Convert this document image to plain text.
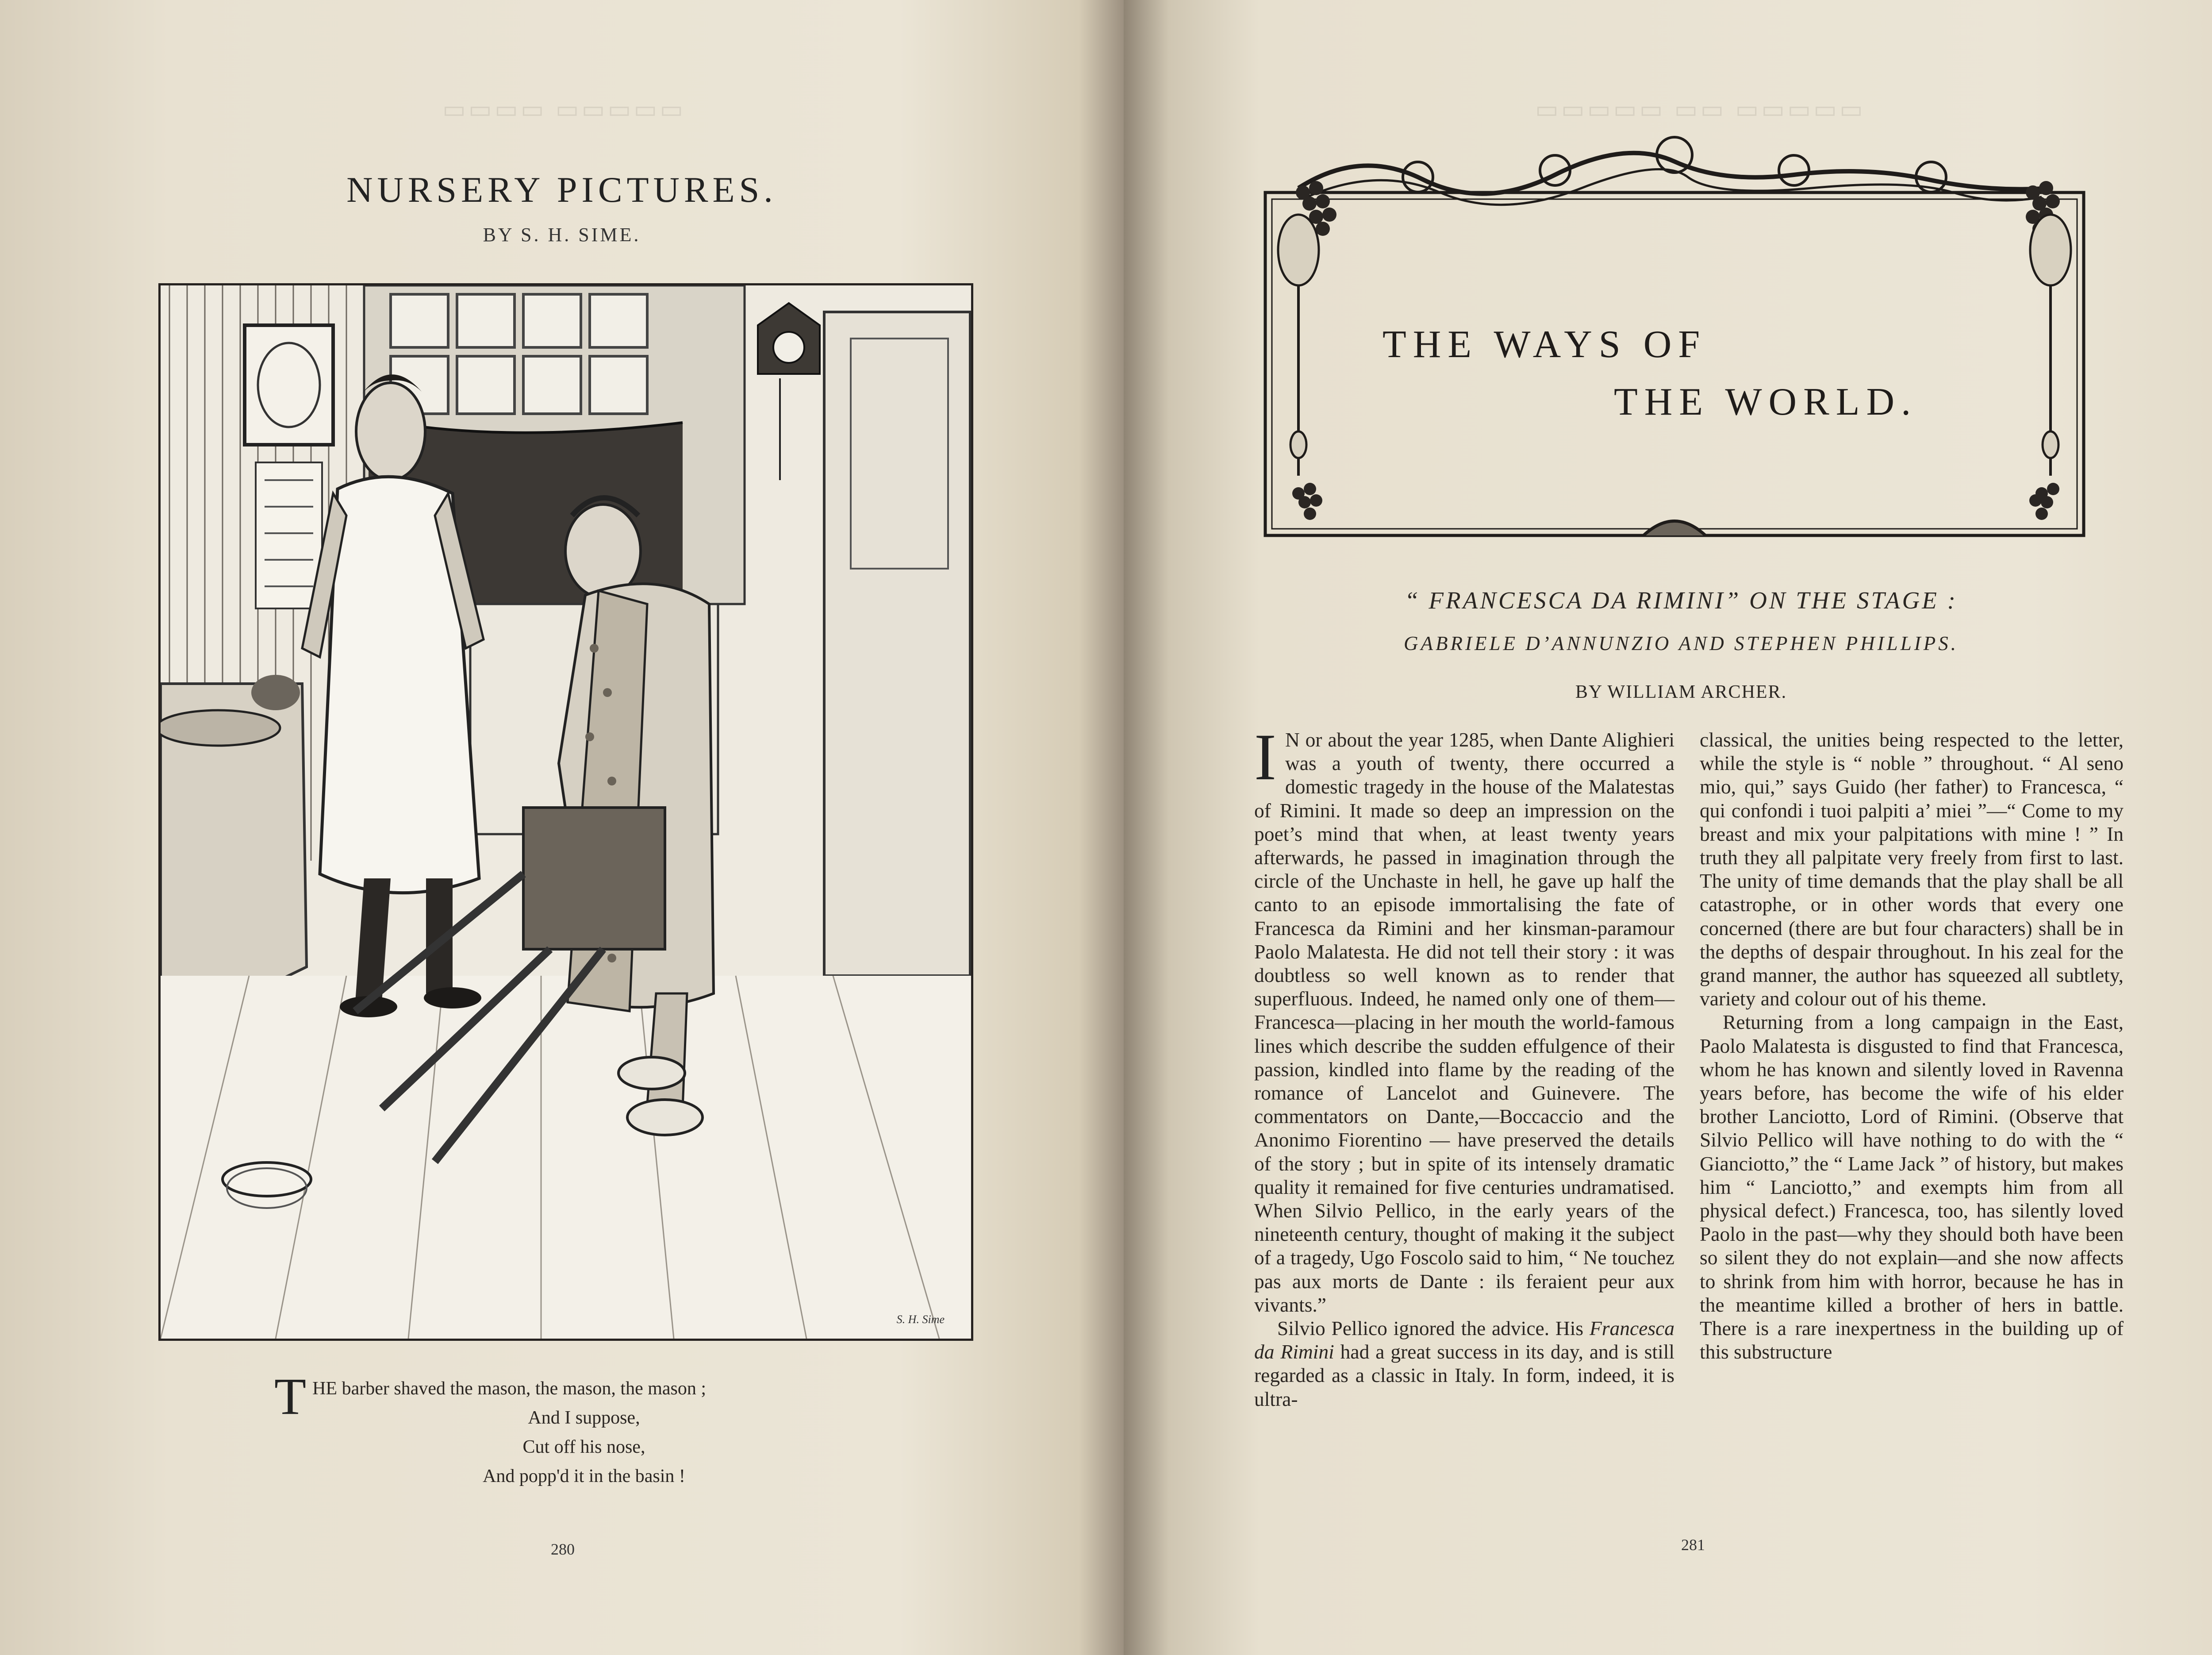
▭▭▭▭ ▭▭▭▭▭
NURSERY PICTURES.
BY S. H. SIME.
S. H. Sime
T HE barber shaved the mason, the mason, the mason ;
And I suppose,
Cut off his nose,
And popp'd it in the basin !
280
▭▭▭▭▭ ▭▭ ▭▭▭▭▭
THE WAYS OF
THE WORLD.
“ FRANCESCA DA RIMINI” ON THE STAGE :
GABRIELE D’ANNUNZIO AND STEPHEN PHILLIPS.
BY WILLIAM ARCHER.

I N or about the year 1285, when Dante Alighieri was a youth of twenty, there occurred a domestic tragedy in the house of the Malatestas of Rimini. It made so deep an impression on the poet’s mind that when, at least twenty years afterwards, he passed in imagination through the circle of the Unchaste in hell, he gave up half the canto to an episode immortalising the fate of Francesca da Rimini and her kinsman-paramour Paolo Malatesta. He did not tell their story : it was doubtless so well known as to render that superfluous. Indeed, he named only one of them—Francesca—placing in her mouth the world-famous lines which describe the sudden effulgence of their passion, kindled into flame by the reading of the romance of Lancelot and Guinevere. The commentators on Dante,—Boccaccio and the Anonimo Fiorentino — have preserved the details of the story ; but in spite of its intensely dramatic quality it remained for five centuries undramatised. When Silvio Pellico, in the early years of the nineteenth century, thought of making it the subject of a tragedy, Ugo Foscolo said to him, “ Ne touchez pas aux morts de Dante : ils feraient peur aux vivants.”

Silvio Pellico ignored the advice. His Francesca da Rimini had a great success in its day, and is still regarded as a classic in Italy. In form, indeed, it is ultra-

classical, the unities being respected to the letter, while the style is “ noble ” throughout. “ Al seno mio, qui,” says Guido (her father) to Francesca, “ qui confondi i tuoi palpiti a’ miei ”—“ Come to my breast and mix your palpitations with mine ! ” In truth they all palpitate very freely from first to last. The unity of time demands that the play shall be all catastrophe, or in other words that every one concerned (there are but four characters) shall be in the depths of despair throughout. In his zeal for the grand manner, the author has squeezed all subtlety, variety and colour out of his theme.

Returning from a long campaign in the East, Paolo Malatesta is disgusted to find that Francesca, whom he has known and silently loved in Ravenna years before, has become the wife of his elder brother Lanciotto, Lord of Rimini. (Observe that Silvio Pellico will have nothing to do with the “ Gianciotto,” the “ Lame Jack ” of history, but makes him “ Lanciotto,” and exempts him from all physical defect.) Francesca, too, has silently loved Paolo in the past—why they should both have been so silent they do not explain—and she now affects to shrink from him with horror, because he has in the meantime killed a brother of hers in battle. There is a rare inexpertness in the building up of this substructure

281
